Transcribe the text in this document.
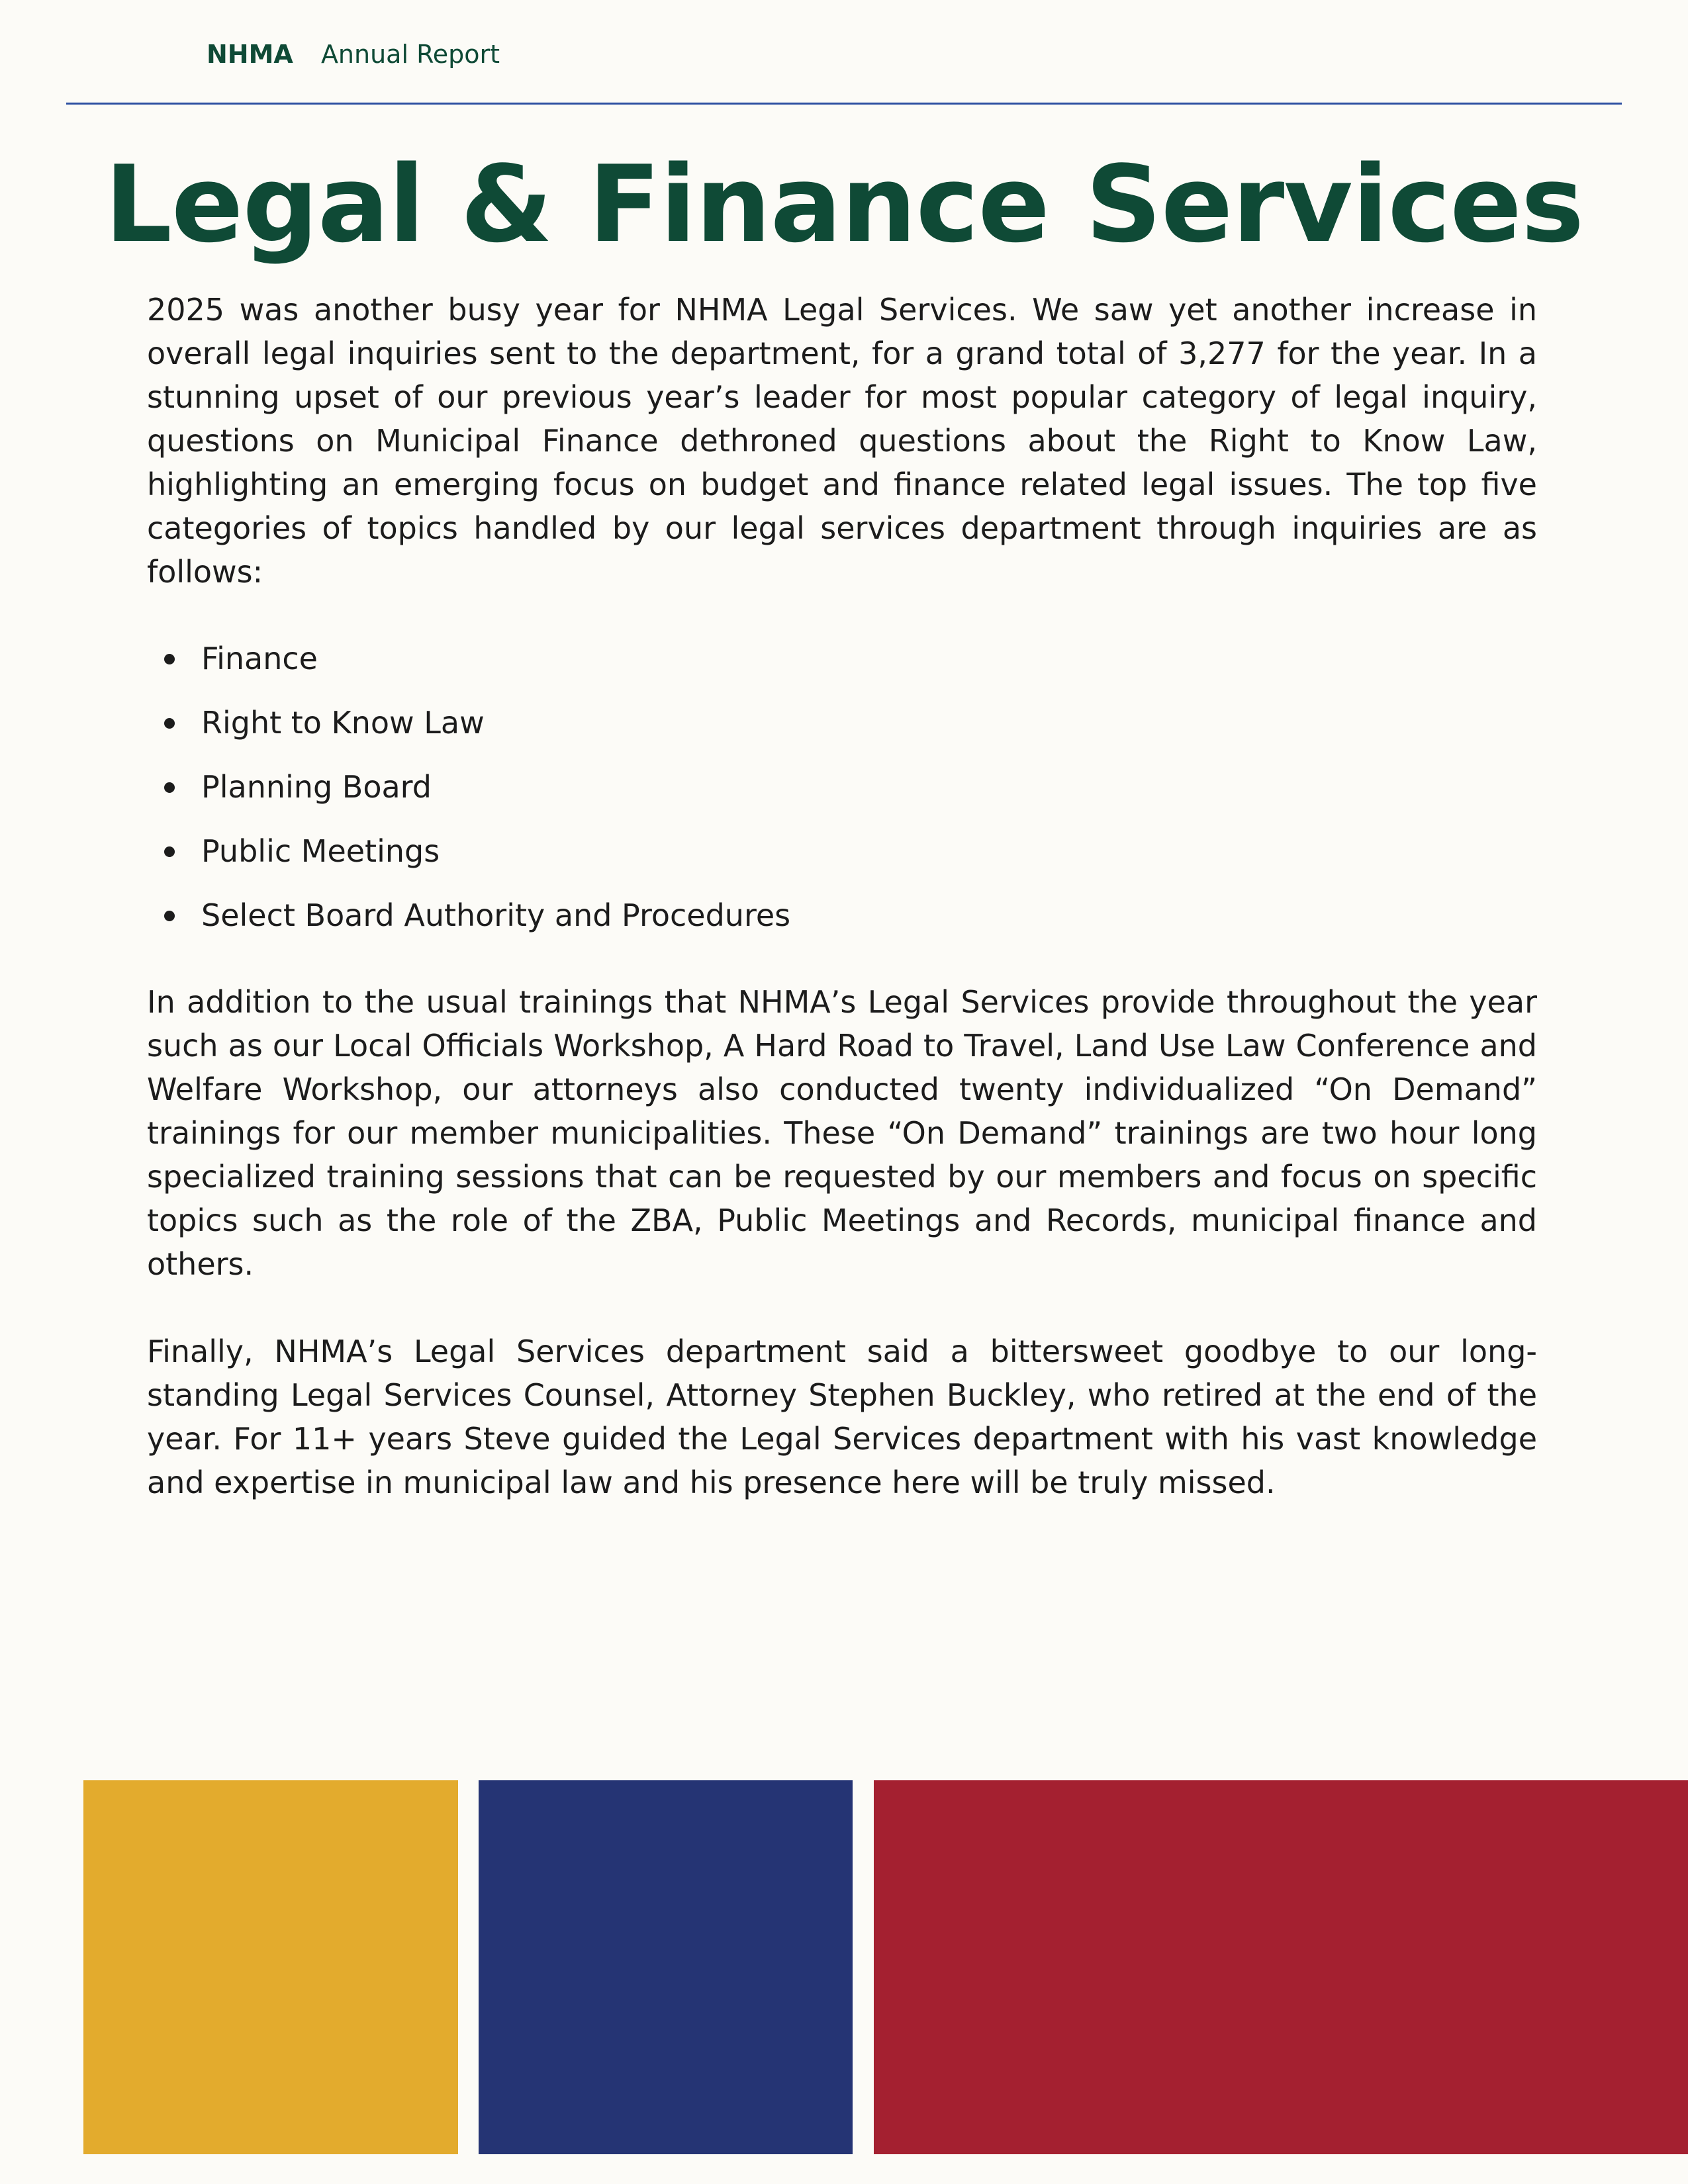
NHMA Annual Report
Legal & Finance Services

2025 was another busy year for NHMA Legal Services. We saw yet another increase in overall legal inquiries sent to the department, for a grand total of 3,277 for the year. In a stunning upset of our previous year’s leader for most popular category of legal inquiry, questions on Municipal Finance dethroned questions about the Right to Know Law, highlighting an emerging focus on budget and finance related legal issues. The top five categories of topics handled by our legal services department through inquiries are as follows:

Finance
Right to Know Law
Planning Board
Public Meetings
Select Board Authority and Procedures

In addition to the usual trainings that NHMA’s Legal Services provide throughout the year such as our Local Officials Workshop, A Hard Road to Travel, Land Use Law Conference and Welfare Workshop, our attorneys also conducted twenty individualized “On Demand” trainings for our member municipalities. These “On Demand” trainings are two hour long specialized training sessions that can be requested by our members and focus on specific topics such as the role of the ZBA, Public Meetings and Records, municipal finance and others.

Finally, NHMA’s Legal Services department said a bittersweet goodbye to our long-standing Legal Services Counsel, Attorney Stephen Buckley, who retired at the end of the year. For 11+ years Steve guided the Legal Services department with his vast knowledge and expertise in municipal law and his presence here will be truly missed.
